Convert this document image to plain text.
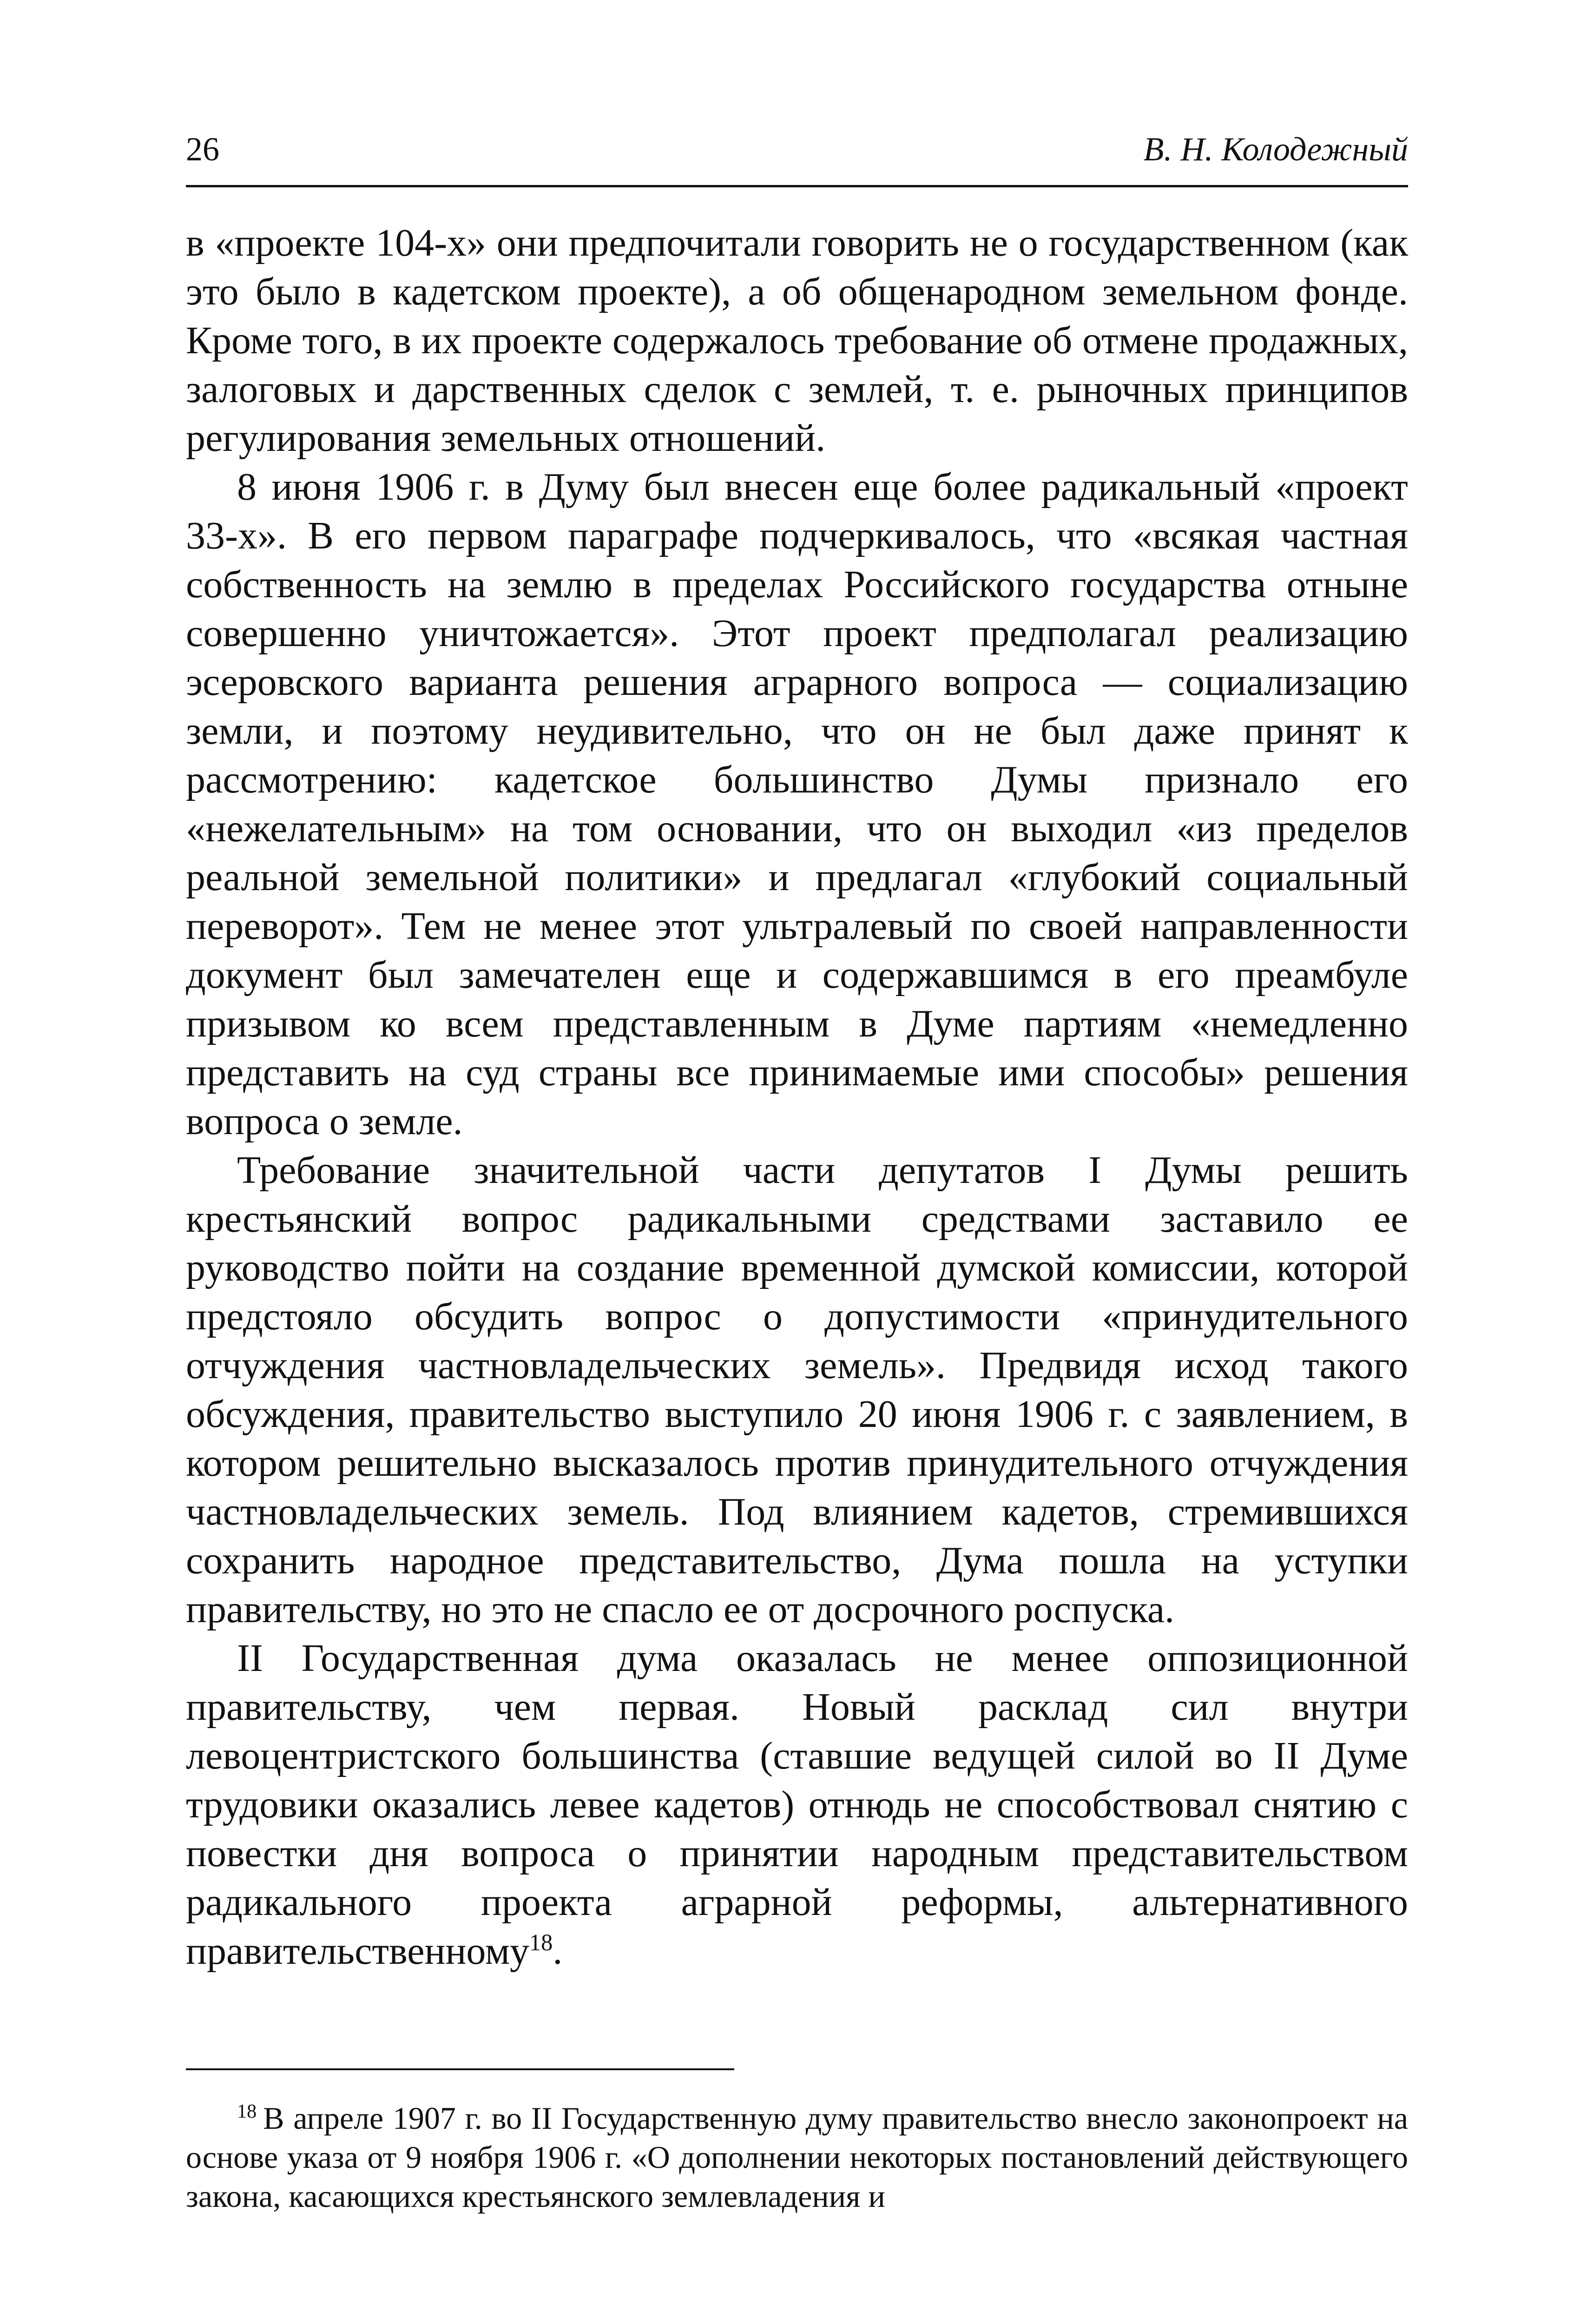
26	В. Н. Колодежный

в «проекте 104-х» они предпочитали говорить не о государственном (как это было в кадетском проекте), а об общенародном земельном фонде. Кроме того, в их проекте содержалось требование об отмене продажных, залоговых и дарственных сделок с землей, т. е. рыночных принципов регулирования земельных отношений.

8 июня 1906 г. в Думу был внесен еще более радикальный «проект 33-х». В его первом параграфе подчеркивалось, что «всякая частная собственность на землю в пределах Российского государства отныне совершенно уничтожается». Этот проект предполагал реализацию эсеровского варианта решения аграрного вопроса — социализацию земли, и поэтому неудивительно, что он не был даже принят к рассмотрению: кадетское большинство Думы признало его «нежелательным» на том основании, что он выходил «из пределов реальной земельной политики» и предлагал «глубокий социальный переворот». Тем не менее этот ультралевый по своей направленности документ был замечателен еще и содержавшимся в его преамбуле призывом ко всем представленным в Думе партиям «немедленно представить на суд страны все принимаемые ими способы» решения вопроса о земле.

Требование значительной части депутатов I Думы решить крестьянский вопрос радикальными средствами заставило ее руководство пойти на создание временной думской комиссии, которой предстояло обсудить вопрос о допустимости «принудительного отчуждения частновладельческих земель». Предвидя исход такого обсуждения, правительство выступило 20 июня 1906 г. с заявлением, в котором решительно высказалось против принудительного отчуждения частновладельческих земель. Под влиянием кадетов, стремившихся сохранить народное представительство, Дума пошла на уступки правительству, но это не спасло ее от досрочного роспуска.

II Государственная дума оказалась не менее оппозиционной правительству, чем первая. Новый расклад сил внутри левоцентристского большинства (ставшие ведущей силой во II Думе трудовики оказались левее кадетов) отнюдь не способствовал снятию с повестки дня вопроса о принятии народным представительством радикального проекта аграрной реформы, альтернативного правительственному$^{18}$.

$^{18}$ В апреле 1907 г. во II Государственную думу правительство внесло законопроект на основе указа от 9 ноября 1906 г. «О дополнении некоторых постановлений действующего закона, касающихся крестьянского землевладения и
